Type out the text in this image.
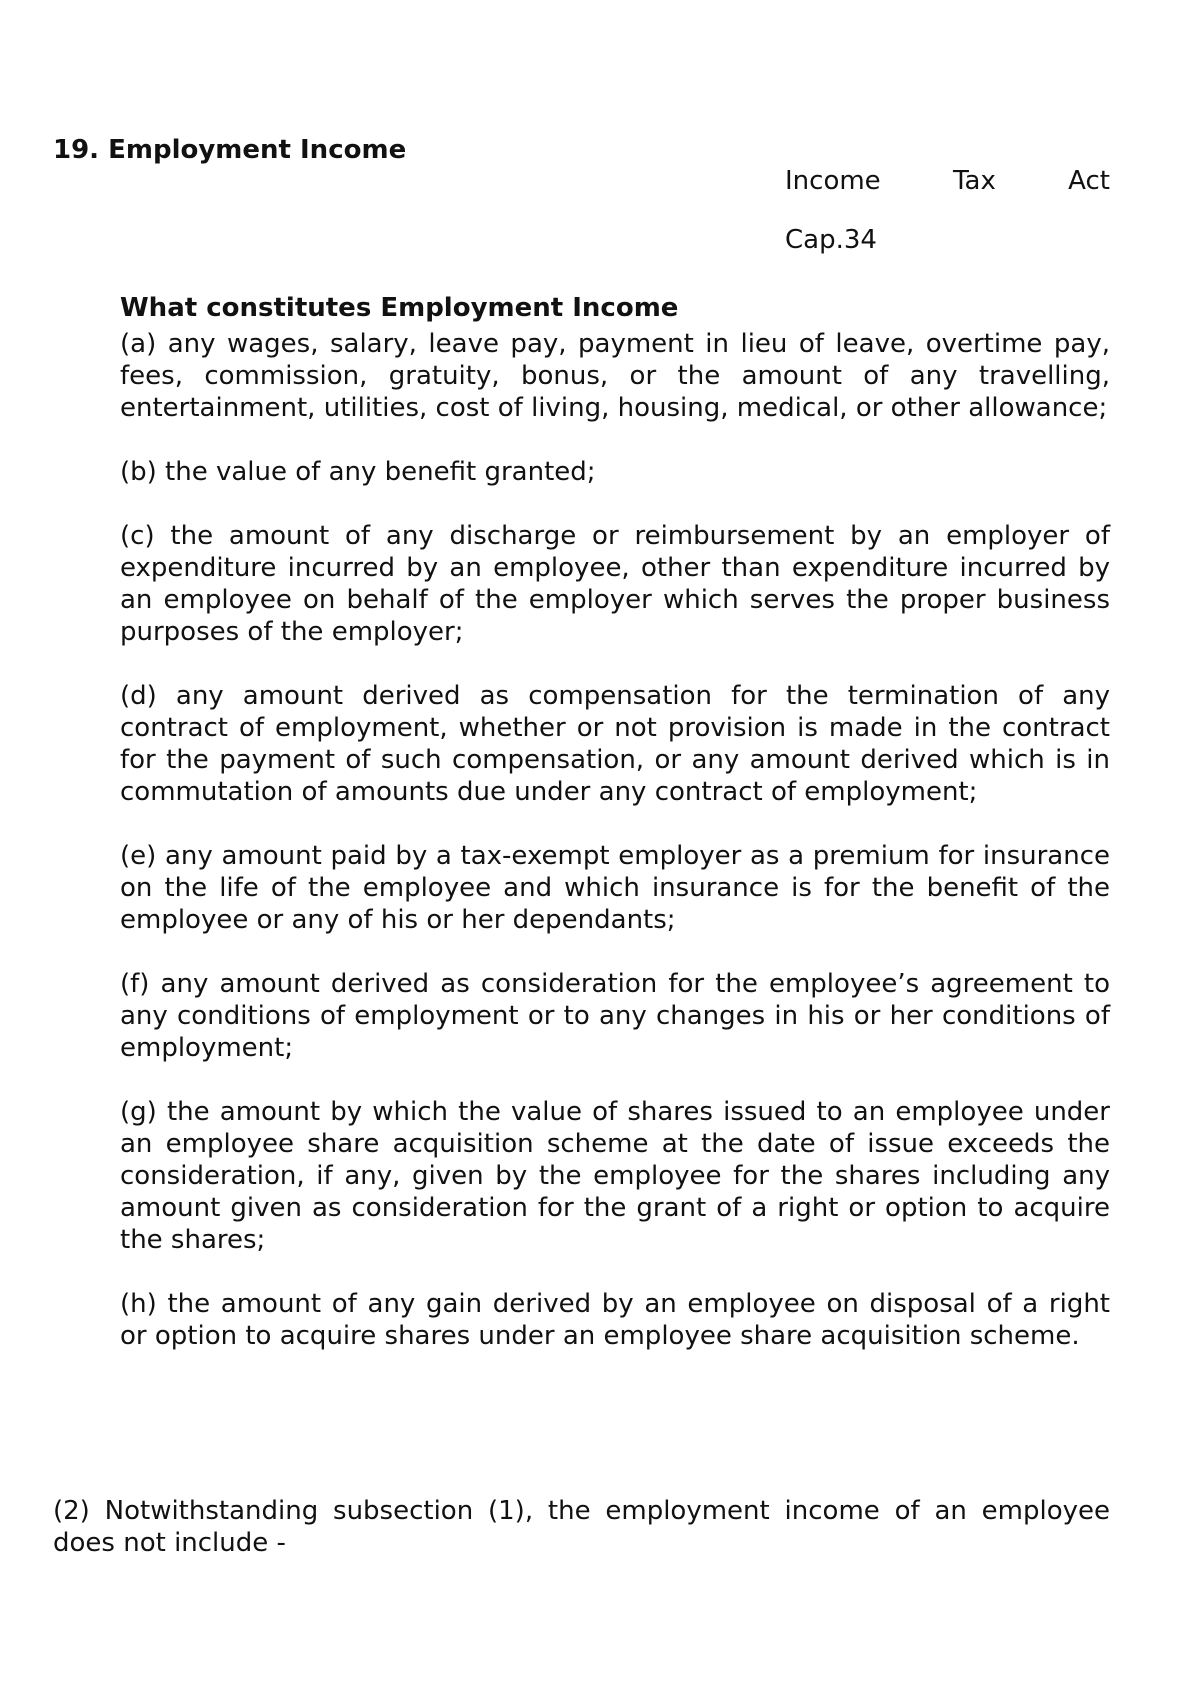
19. Employment Income
Income	Tax	Act
Cap.34

What constitutes Employment Income

(a) any wages, salary, leave pay, payment in lieu of leave, overtime pay, fees, commission, gratuity, bonus, or the amount of any travelling, entertainment, utilities, cost of living, housing, medical, or other allowance;

(b) the value of any benefit granted;

(c) the amount of any discharge or reimbursement by an employer of expenditure incurred by an employee, other than expenditure incurred by an employee on behalf of the employer which serves the proper business purposes of the employer;

(d) any amount derived as compensation for the termination of any contract of employment, whether or not provision is made in the contract for the payment of such compensation, or any amount derived which is in commutation of amounts due under any contract of employment;

(e) any amount paid by a tax-exempt employer as a premium for insurance on the life of the employee and which insurance is for the benefit of the employee or any of his or her dependants;

(f) any amount derived as consideration for the employee’s agreement to any conditions of employment or to any changes in his or her conditions of employment;

(g) the amount by which the value of shares issued to an employee under an employee share acquisition scheme at the date of issue exceeds the consideration, if any, given by the employee for the shares including any amount given as consideration for the grant of a right or option to acquire the shares;

(h) the amount of any gain derived by an employee on disposal of a right or option to acquire shares under an employee share acquisition scheme.

(2) Notwithstanding subsection (1), the employment income of an employee does not include -
